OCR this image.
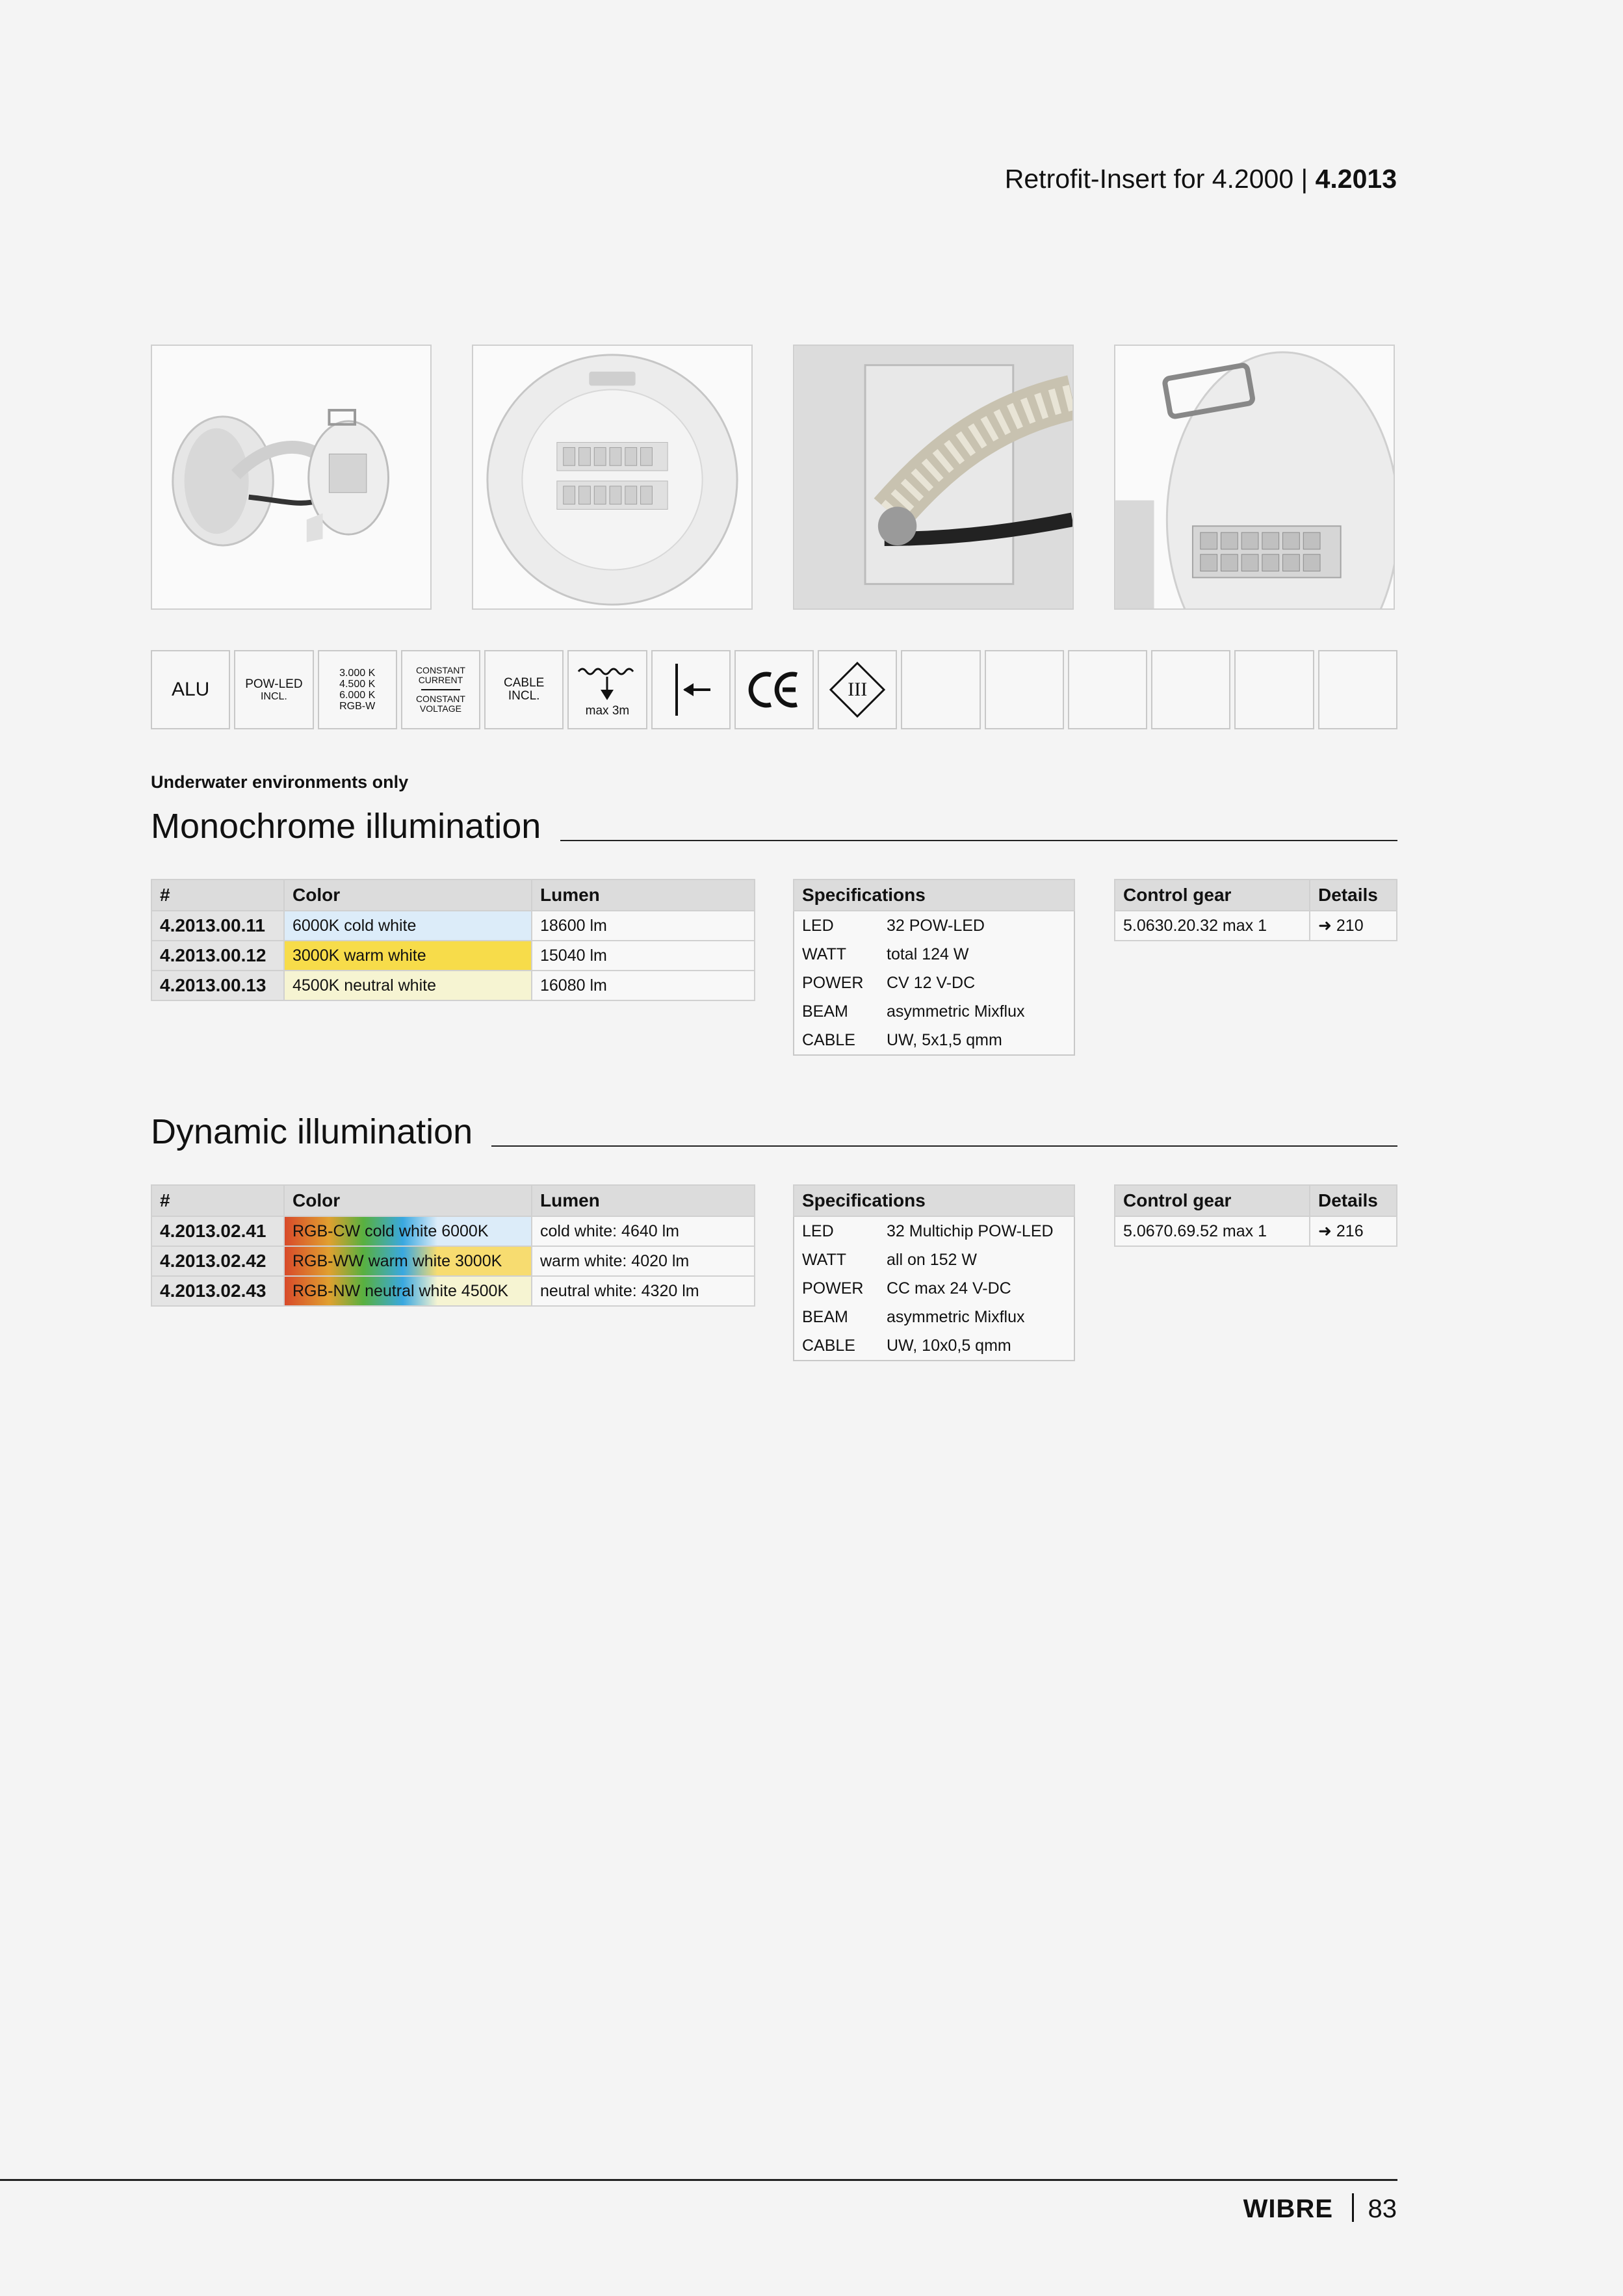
Retrofit-Insert for 4.2000 | 4.2013
ALU	POW-LED
INCL.
3.000 K
4.500 K
6.000 K
RGB-W
CONSTANT
CURRENT
CONSTANT
VOLTAGE
CABLE
INCL.
max 3m
III
Underwater environments only
Monochrome illumination
#	Color	Lumen
4.2013.00.11	6000K cold white	18600 lm
4.2013.00.12	3000K warm white	15040 lm
4.2013.00.13	4500K neutral white	16080 lm
Specifications	
LED	32 POW-LED
WATT	total 124 W
POWER	CV 12 V-DC
BEAM	asymmetric Mixflux
CABLE	UW, 5x1,5 qmm
Control gear	Details
5.0630.20.32 max 1	➜ 210
Dynamic illumination
#	Color	Lumen
4.2013.02.41	RGB-CW cold white 6000K	cold white: 4640 lm
4.2013.02.42	RGB-WW warm white 3000K	warm white: 4020 lm
4.2013.02.43	RGB-NW neutral white 4500K	neutral white: 4320 lm
Specifications	
LED	32 Multichip POW-LED
WATT	all on 152 W
POWER	CC max 24 V-DC
BEAM	asymmetric Mixflux
CABLE	UW, 10x0,5 qmm
Control gear	Details
5.0670.69.52 max 1	➜ 216
WIBRE 83
